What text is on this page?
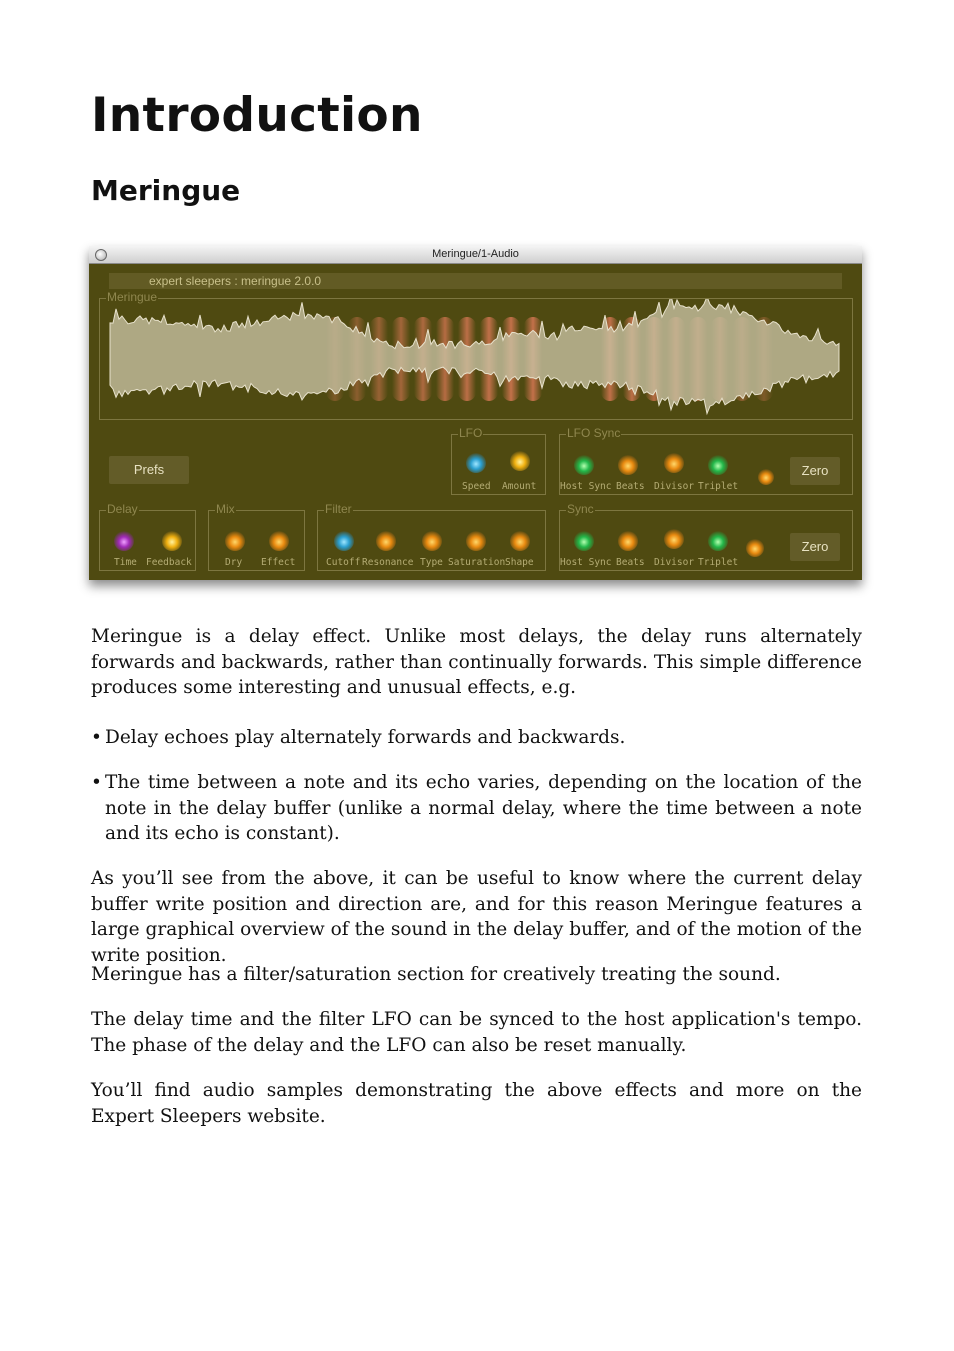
Introduction
Meringue
Meringue/1-Audio
expert sleepers : meringue 2.0.0
Meringue
Prefs
LFO
Speed Amount
LFO Sync
Host Sync Beats Divisor Triplet
Zero
Delay
Time Feedback
Mix
Dry Effect
Filter
Cutoff Resonance Type Saturation Shape
Sync
Host Sync Beats Divisor Triplet
Zero

Meringue is a delay effect. Unlike most delays, the delay runs alternately forwards and backwards, rather than continually forwards. This simple difference produces some interesting and unusual effects, e.g.

• Delay echoes play alternately forwards and backwards.

• The time between a note and its echo varies, depending on the location of the note in the delay buffer (unlike a normal delay, where the time between a note and its echo is constant).

As you’ll see from the above, it can be useful to know where the current delay buffer write position and direction are, and for this reason Meringue features a large graphical overview of the sound in the delay buffer, and of the motion of the write position.

Meringue has a filter/saturation section for creatively treating the sound.

The delay time and the filter LFO can be synced to the host application's tempo. The phase of the delay and the LFO can also be reset manually.

You’ll find audio samples demonstrating the above effects and more on the Expert Sleepers website.
